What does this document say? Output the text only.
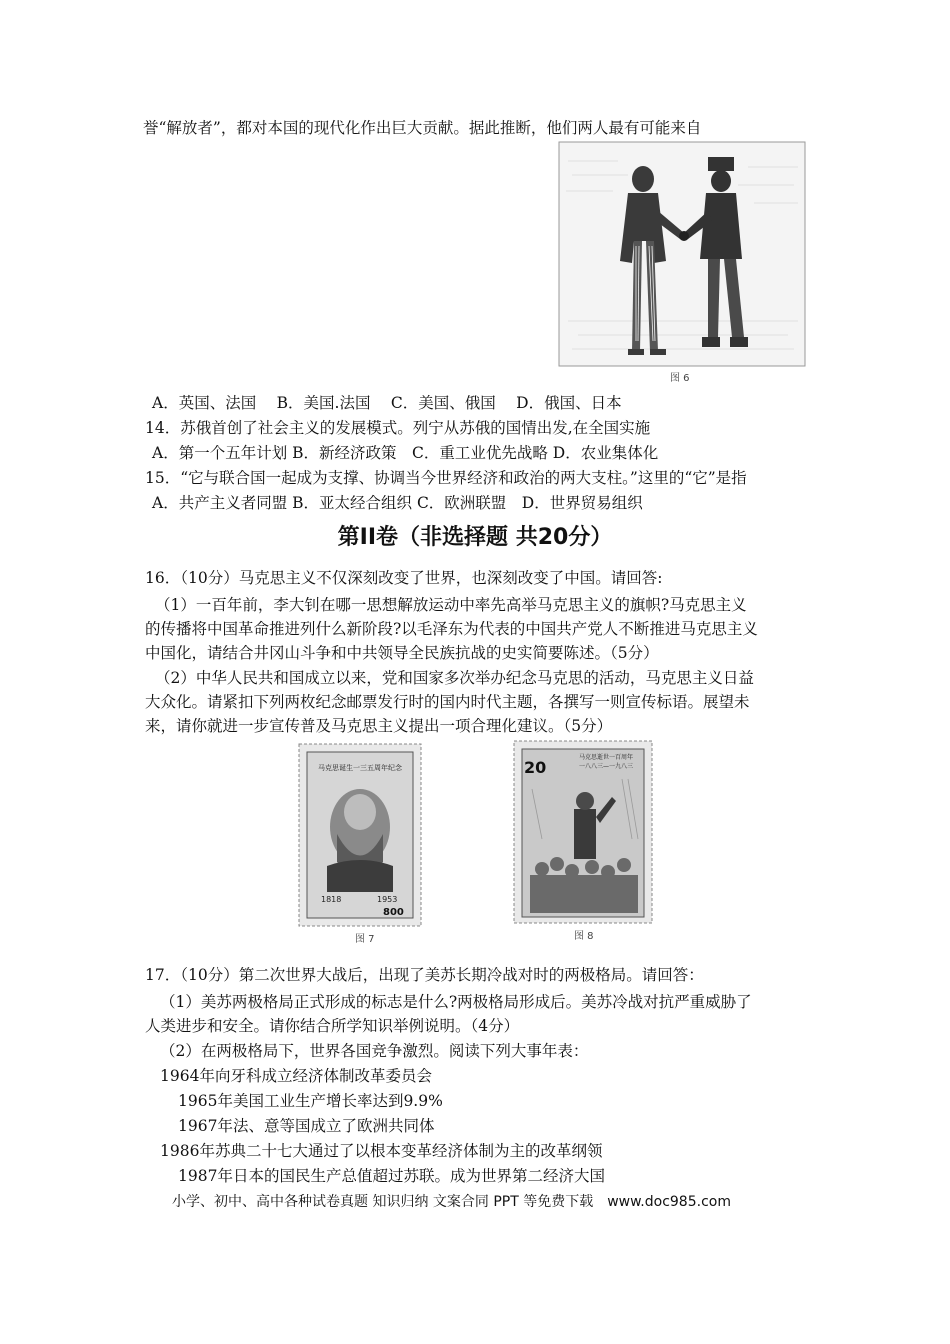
誉“解放者”，都对本国的现代化作出巨大贡献。据此推断，他们两人最有可能来自
图 6
A．英国、法国　 B．美国.法国　 C．美国、俄国　 D．俄国、日本
14．苏俄首创了社会主义的发展模式。列宁从苏俄的国情出发,在全国实施
A．第一个五年计划 B．新经济政策　C．重工业优先战略 D．农业集体化
15．“它与联合国一起成为支撑、协调当今世界经济和政治的两大支柱。”这里的“它”是指
A．共产主义者同盟 B．亚太经合组织 C．欧洲联盟　D．世界贸易组织
第II卷（非选择题 共20分）
16．（10分）马克思主义不仅深刻改变了世界，也深刻改变了中国。请回答:
（1）一百年前，李大钊在哪一思想解放运动中率先高举马克思主义的旗帜?马克思主义
的传播将中国革命推进列什么新阶段?以毛泽东为代表的中国共产党人不断推进马克思主义
中国化，请结合井冈山斗争和中共领导全民族抗战的史实简要陈述。（5分）
（2）中华人民共和国成立以来，党和国家多次举办纪念马克思的活动，马克思主义日益
大众化。请紧扣下列两枚纪念邮票发行时的国内时代主题，各撰写一则宣传标语。展望未
来，请你就进一步宣传普及马克思主义提出一项合理化建议。（5分）
马克思诞生一三五周年纪念
1818	1953
800
图 7
20
马克思逝世一百周年
一八八三—一九八三
图 8
17．（10分）第二次世界大战后，出现了美苏长期冷战对时的两极格局。请回答：
（1）美苏两极格局正式形成的标志是什么?两极格局形成后。美苏冷战对抗严重威胁了
人类进步和安全。请你结合所学知识举例说明。（4分）
（2）在两极格局下，世界各国竞争激烈。阅读下列大事年表：
1964年向牙科成立经济体制改革委员会
1965年美国工业生产增长率达到9.9%
1967年法、意等国成立了欧洲共同体
1986年苏典二十七大通过了以根本变革经济体制为主的改革纲领
1987年日本的国民生产总值超过苏联。成为世界第二经济大国
小学、初中、高中各种试卷真题 知识归纳 文案合同 PPT 等免费下载　www.doc985.com
